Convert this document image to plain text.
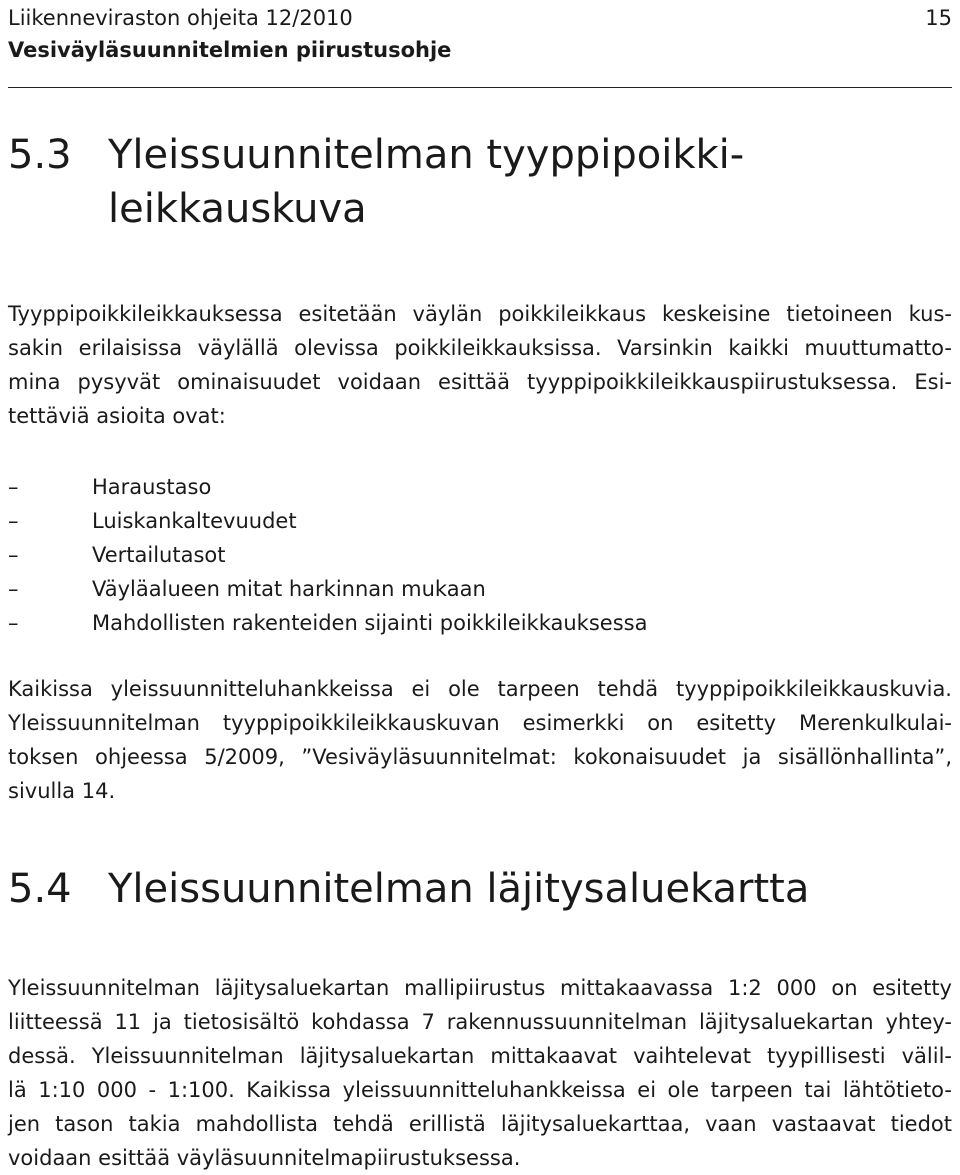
Liikenneviraston ohjeita 12/2010	15
Vesiväyläsuunnitelmien piirustusohje
5.3 Yleissuunnitelman tyyppipoikki-
leikkauskuva

Tyyppipoikkileikkauksessa esitetään väylän poikkileikkaus keskeisine tietoineen kus-
sakin erilaisissa väylällä olevissa poikkileikkauksissa. Varsinkin kaikki muuttumatto-
mina pysyvät ominaisuudet voidaan esittää tyyppipoikkileikkauspiirustuksessa. Esi-
tettäviä asioita ovat:

–	Haraustaso
–	Luiskankaltevuudet
–	Vertailutasot
–	Väyläalueen mitat harkinnan mukaan
–	Mahdollisten rakenteiden sijainti poikkileikkauksessa

Kaikissa yleissuunnitteluhankkeissa ei ole tarpeen tehdä tyyppipoikkileikkauskuvia.
Yleissuunnitelman tyyppipoikkileikkauskuvan esimerkki on esitetty Merenkulkulai-
toksen ohjeessa 5/2009, ”Vesiväyläsuunnitelmat: kokonaisuudet ja sisällönhallinta”,
sivulla 14.

5.4 Yleissuunnitelman läjitysaluekartta

Yleissuunnitelman läjitysaluekartan mallipiirustus mittakaavassa 1:2 000 on esitetty
liitteessä 11 ja tietosisältö kohdassa 7 rakennussuunnitelman läjitysaluekartan yhtey-
dessä. Yleissuunnitelman läjitysaluekartan mittakaavat vaihtelevat tyypillisesti välil-
lä 1:10 000 - 1:100. Kaikissa yleissuunnitteluhankkeissa ei ole tarpeen tai lähtötieto-
jen tason takia mahdollista tehdä erillistä läjitysaluekarttaa, vaan vastaavat tiedot
voidaan esittää väyläsuunnitelmapiirustuksessa.
